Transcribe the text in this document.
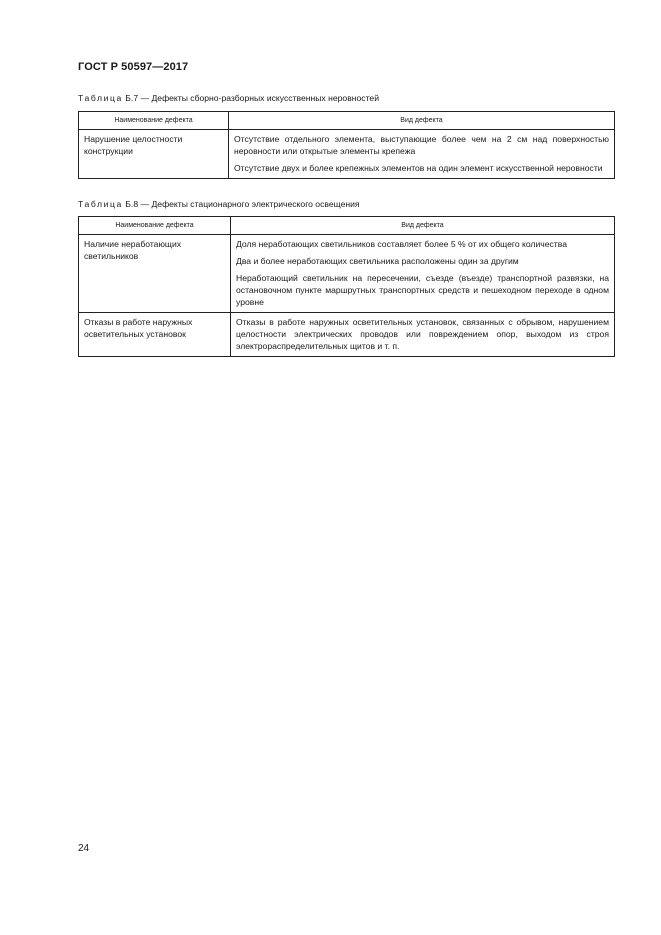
ГОСТ Р 50597—2017
Таблица Б.7 — Дефекты сборно-разборных искусственных неровностей
Наименование дефекта	Вид дефекта
Нарушение целостности конструкции	Отсутствие отдельного элемента, выступающие более чем на 2 см над поверхностью неровности или открытые элементы крепежа

Отсутствие двух и более крепежных элементов на один элемент искусственной неровности

Таблица Б.8 — Дефекты стационарного электрического освещения
Наименование дефекта	Вид дефекта
Наличие неработающих светильников	Доля неработающих светильников составляет более 5 % от их общего количества

Два и более неработающих светильника расположены один за другим

Неработающий светильник на пересечении, съезде (въезде) транспортной развязки, на остановочном пункте маршрутных транспортных средств и пешеходном переходе в одном уровне

Отказы в работе наружных осветительных установок	Отказы в работе наружных осветительных установок, связанных с обрывом, нарушением целостности электрических проводов или повреждением опор, выходом из строя электрораспределительных щитов и т. п.

24
